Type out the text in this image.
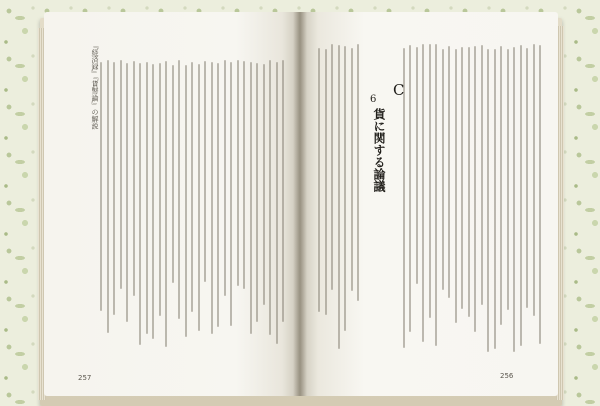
『経済録』『貨幣論』の解説	C
貨に関する論議
6
257	256
